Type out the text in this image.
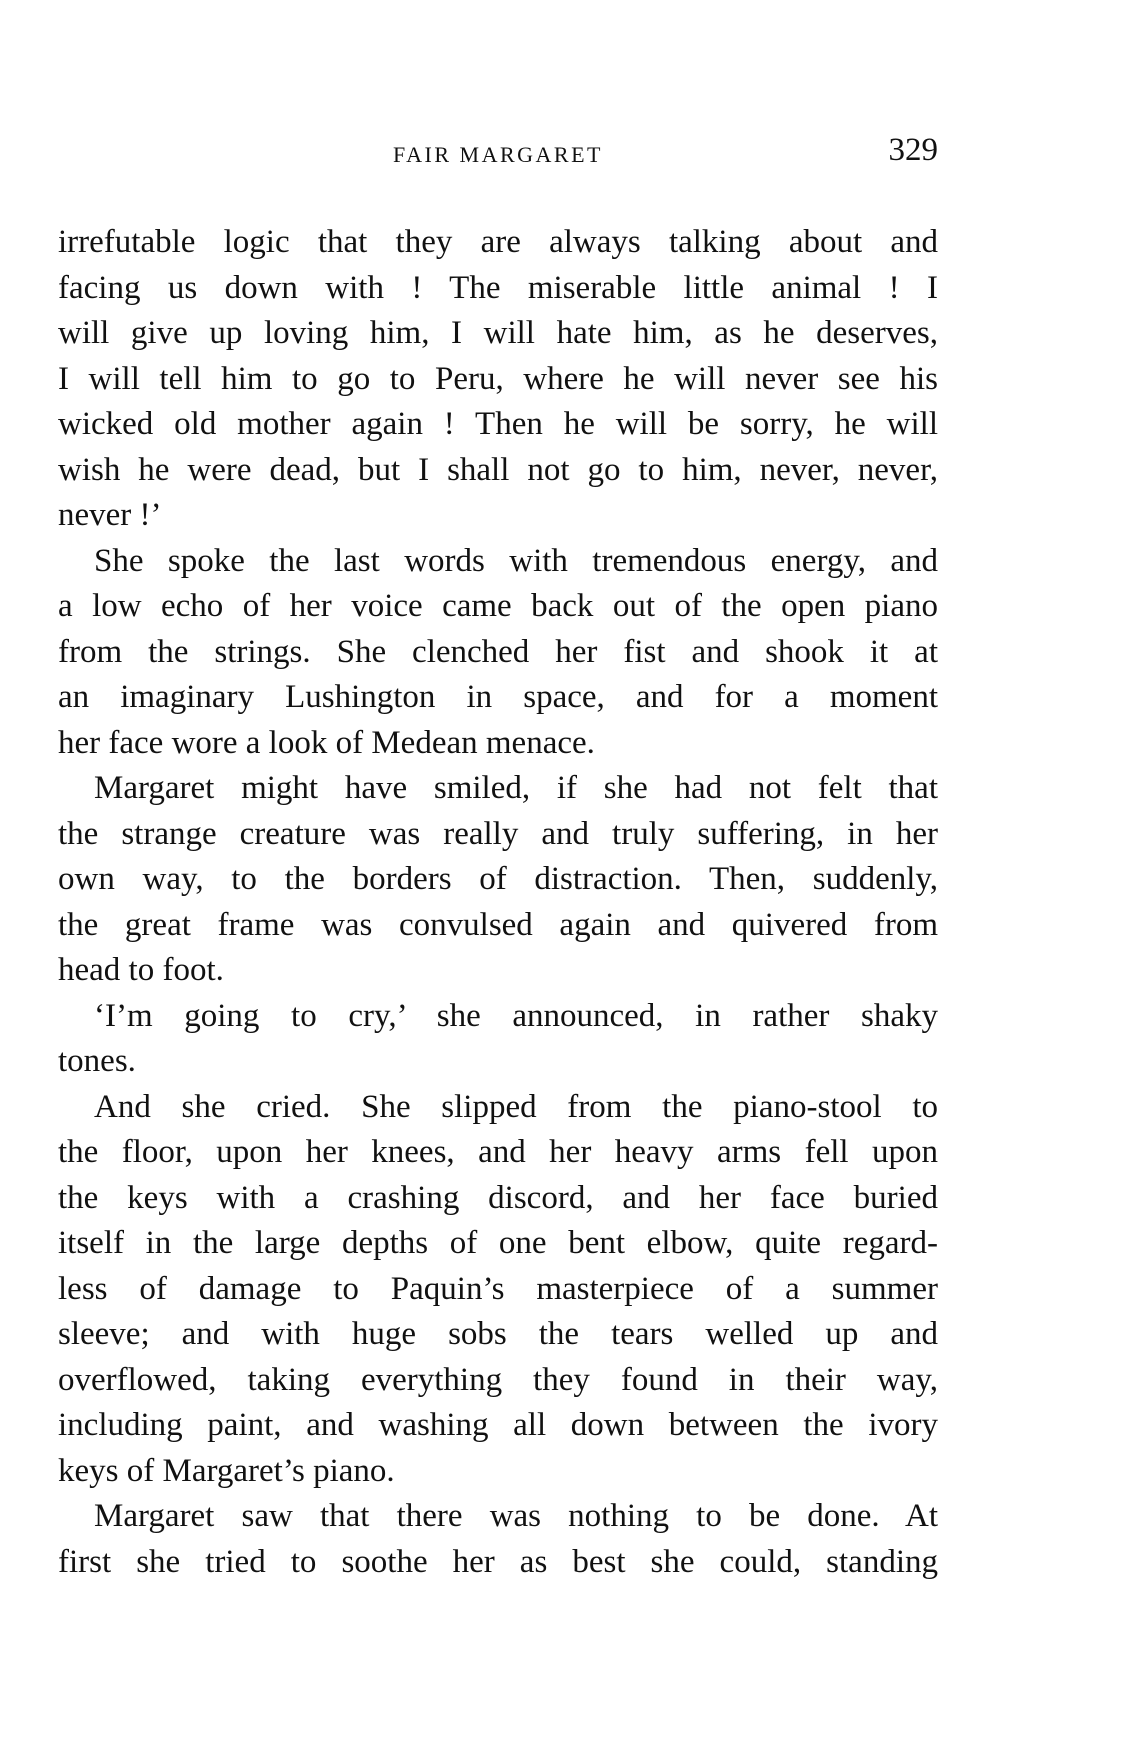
FAIR MARGARET	329
irrefutable logic that they are always talking about and
facing us down with ! The miserable little animal ! I
will give up loving him, I will hate him, as he deserves,
I will tell him to go to Peru, where he will never see his
wicked old mother again ! Then he will be sorry, he will
wish he were dead, but I shall not go to him, never, never,
never !’
She spoke the last words with tremendous energy, and
a low echo of her voice came back out of the open piano
from the strings. She clenched her fist and shook it at
an imaginary Lushington in space, and for a moment
her face wore a look of Medean menace.
Margaret might have smiled, if she had not felt that
the strange creature was really and truly suffering, in her
own way, to the borders of distraction. Then, suddenly,
the great frame was convulsed again and quivered from
head to foot.
‘I’m going to cry,’ she announced, in rather shaky
tones.
And she cried. She slipped from the piano-stool to
the floor, upon her knees, and her heavy arms fell upon
the keys with a crashing discord, and her face buried
itself in the large depths of one bent elbow, quite regard-
less of damage to Paquin’s masterpiece of a summer
sleeve; and with huge sobs the tears welled up and
overflowed, taking everything they found in their way,
including paint, and washing all down between the ivory
keys of Margaret’s piano.
Margaret saw that there was nothing to be done. At
first she tried to soothe her as best she could, standing
